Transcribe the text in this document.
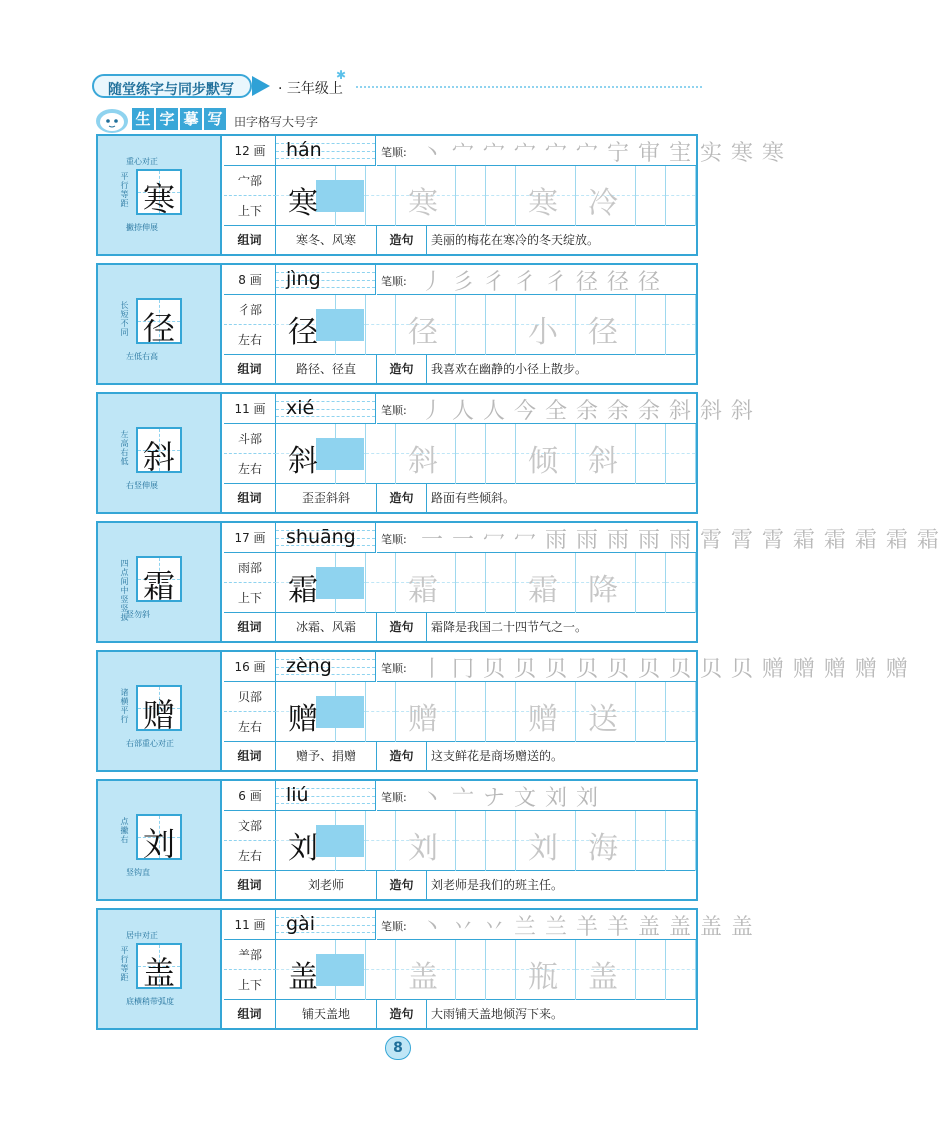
随堂练字与同步默写	· 三年级上
✱
生 字 摹 写 田字格写大号字
重心对正
平行等距 寒
撇捺伸展
12 画
宀部
上下
hán	笔顺: 丶 宀 宀 宀 宀 宀 宁 审 宔 实 寒 寒
寒	寒	寒 冷
组词	寒冬、风寒	造句	美丽的梅花在寒冷的冬天绽放。
长短不同 径
左低右高
8 画
彳部
左右
jìng	笔顺: 丿 彡 彳 彳 彳 径 径 径
径	径	小 径
组词	路径、径直	造句	我喜欢在幽静的小径上散步。
左高右低 斜
右竖伸展
11 画
斗部
左右
xié	笔顺: 丿 人 人 今 全 余 余 余 斜 斜 斜
斜	斜	倾 斜
组词	歪歪斜斜	造句	路面有些倾斜。
四点间中竖竖拔
霜
竖勿斜
17 画
雨部
上下
shuāng 笔顺: 一 一 冖 冖 雨 雨 雨 雨 雨 霄 霄 霄 霜 霜 霜 霜 霜
霜	霜	霜 降
组词	冰霜、风霜	造句	霜降是我国二十四节气之一。
诸横平行 赠
右部重心对正
16 画
贝部
左右
zèng	笔顺: 丨 冂 贝 贝 贝 贝 贝 贝 贝 贝 贝 赠 赠 赠 赠 赠
赠	赠	赠 送
组词	赠予、捐赠	造句	这支鲜花是商场赠送的。
点撇右 刘
竖钩直
6 画
文部
左右
liú	笔顺: 丶 亠 ナ 文 刘 刘
刘	刘	刘 海
组词	刘老师	造句	刘老师是我们的班主任。
居中对正
平行等距 盖
底横稍带弧度
11 画
⺷部
上下
gài	笔顺: 丶 丷 丷 兰 兰 羊 羊 盖 盖 盖 盖
盖	盖	瓶 盖
组词	铺天盖地	造句	大雨铺天盖地倾泻下来。
8
